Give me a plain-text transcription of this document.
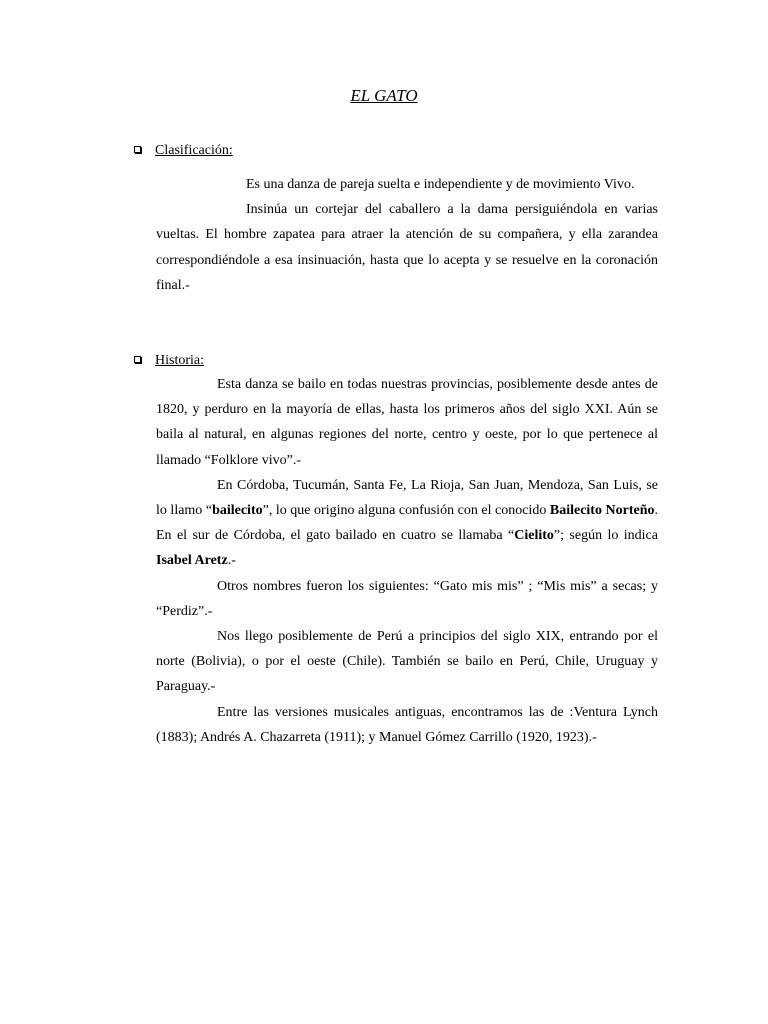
EL GATO
Clasificación:

Es una danza de pareja suelta e independiente y de movimiento Vivo.

Insinúa un cortejar del caballero a la dama persiguiéndola en varias vueltas. El hombre zapatea para atraer la atención de su compañera, y ella zarandea correspondiéndole a esa insinuación, hasta que lo acepta y se resuelve en la coronación final.-

Historia:

Esta danza se bailo en todas nuestras provincias, posiblemente desde antes de 1820, y perduro en la mayoría de ellas, hasta los primeros años del siglo XXI. Aún se baila al natural, en algunas regiones del norte, centro y oeste, por lo que pertenece al llamado “Folklore vivo”.-

En Córdoba, Tucumán, Santa Fe, La Rioja, San Juan, Mendoza, San Luis, se lo llamo “bailecito”, lo que origino alguna confusión con el conocido Bailecito Norteño. En el sur de Córdoba, el gato bailado en cuatro se llamaba “Cielito”; según lo indica Isabel Aretz.-

Otros nombres fueron los siguientes: “Gato mis mis” ; “Mis mis” a secas; y “Perdiz”.-

Nos llego posiblemente de Perú a principios del siglo XIX, entrando por el norte (Bolivia), o por el oeste (Chile). También se bailo en Perú, Chile, Uruguay y Paraguay.-

Entre las versiones musicales antiguas, encontramos las de :Ventura Lynch (1883); Andrés A. Chazarreta (1911); y Manuel Gómez Carrillo (1920, 1923).-
